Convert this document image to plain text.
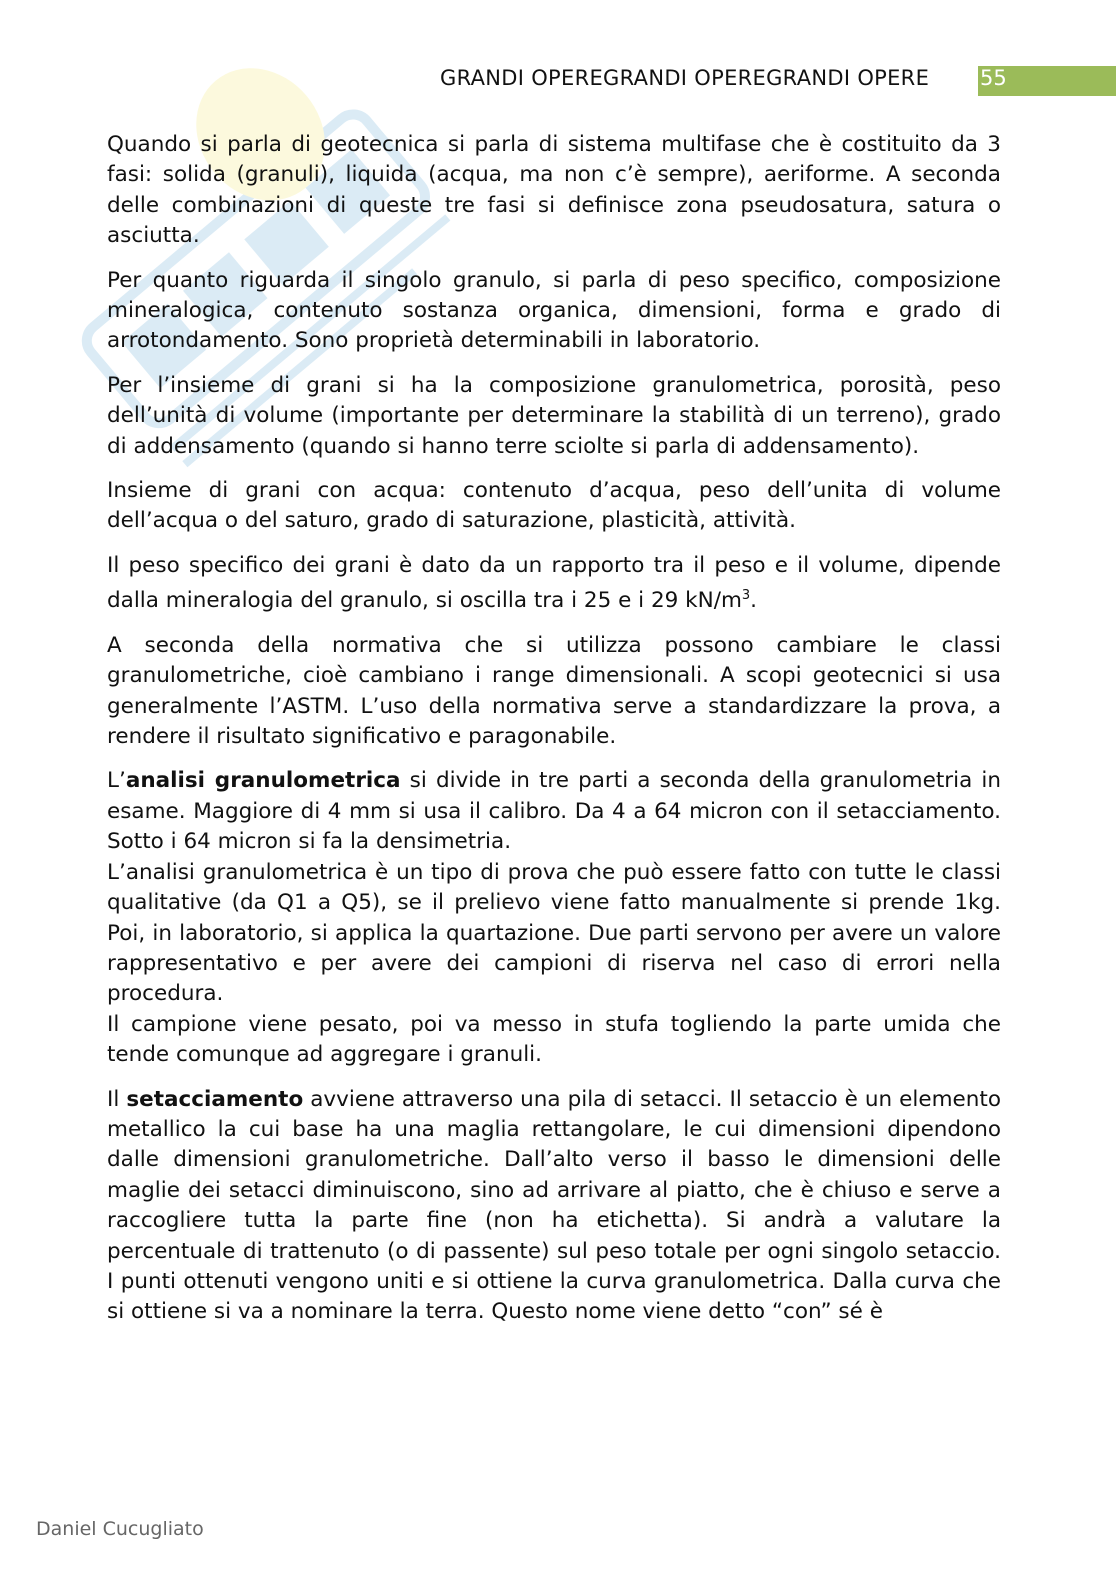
GRANDI OPEREGRANDI OPEREGRANDI OPERE	55

Quando si parla di geotecnica si parla di sistema multifase che è costituito da 3 fasi: solida (granuli), liquida (acqua, ma non c’è sempre), aeriforme. A seconda delle combinazioni di queste tre fasi si definisce zona pseudosatura, satura o asciutta.

Per quanto riguarda il singolo granulo, si parla di peso specifico, composizione mineralogica, contenuto sostanza organica, dimensioni, forma e grado di arrotondamento. Sono proprietà determinabili in laboratorio.

Per l’insieme di grani si ha la composizione granulometrica, porosità, peso dell’unità di volume (importante per determinare la stabilità di un terreno), grado di addensamento (quando si hanno terre sciolte si parla di addensamento).

Insieme di grani con acqua: contenuto d’acqua, peso dell’unita di volume dell’acqua o del saturo, grado di saturazione, plasticità, attività.

Il peso specifico dei grani è dato da un rapporto tra il peso e il volume, dipende dalla mineralogia del granulo, si oscilla tra i 25 e i 29 $kN/m^3$.

A seconda della normativa che si utilizza possono cambiare le classi granulometriche, cioè cambiano i range dimensionali. A scopi geotecnici si usa generalmente l’ASTM. L’uso della normativa serve a standardizzare la prova, a rendere il risultato significativo e paragonabile.

L’analisi granulometrica si divide in tre parti a seconda della granulometria in esame. Maggiore di 4 mm si usa il calibro. Da 4 a 64 micron con il setacciamento. Sotto i 64 micron si fa la densimetria.

L’analisi granulometrica è un tipo di prova che può essere fatto con tutte le classi qualitative (da Q1 a Q5), se il prelievo viene fatto manualmente si prende 1kg. Poi, in laboratorio, si applica la quartazione. Due parti servono per avere un valore rappresentativo e per avere dei campioni di riserva nel caso di errori nella procedura.

Il campione viene pesato, poi va messo in stufa togliendo la parte umida che tende comunque ad aggregare i granuli.

Il setacciamento avviene attraverso una pila di setacci. Il setaccio è un elemento metallico la cui base ha una maglia rettangolare, le cui dimensioni dipendono dalle dimensioni granulometriche. Dall’alto verso il basso le dimensioni delle maglie dei setacci diminuiscono, sino ad arrivare al piatto, che è chiuso e serve a raccogliere tutta la parte fine (non ha etichetta). Si andrà a valutare la percentuale di trattenuto (o di passente) sul peso totale per ogni singolo setaccio. I punti ottenuti vengono uniti e si ottiene la curva granulometrica. Dalla curva che si ottiene si va a nominare la terra. Questo nome viene detto “con” sé è

Daniel Cucugliato
